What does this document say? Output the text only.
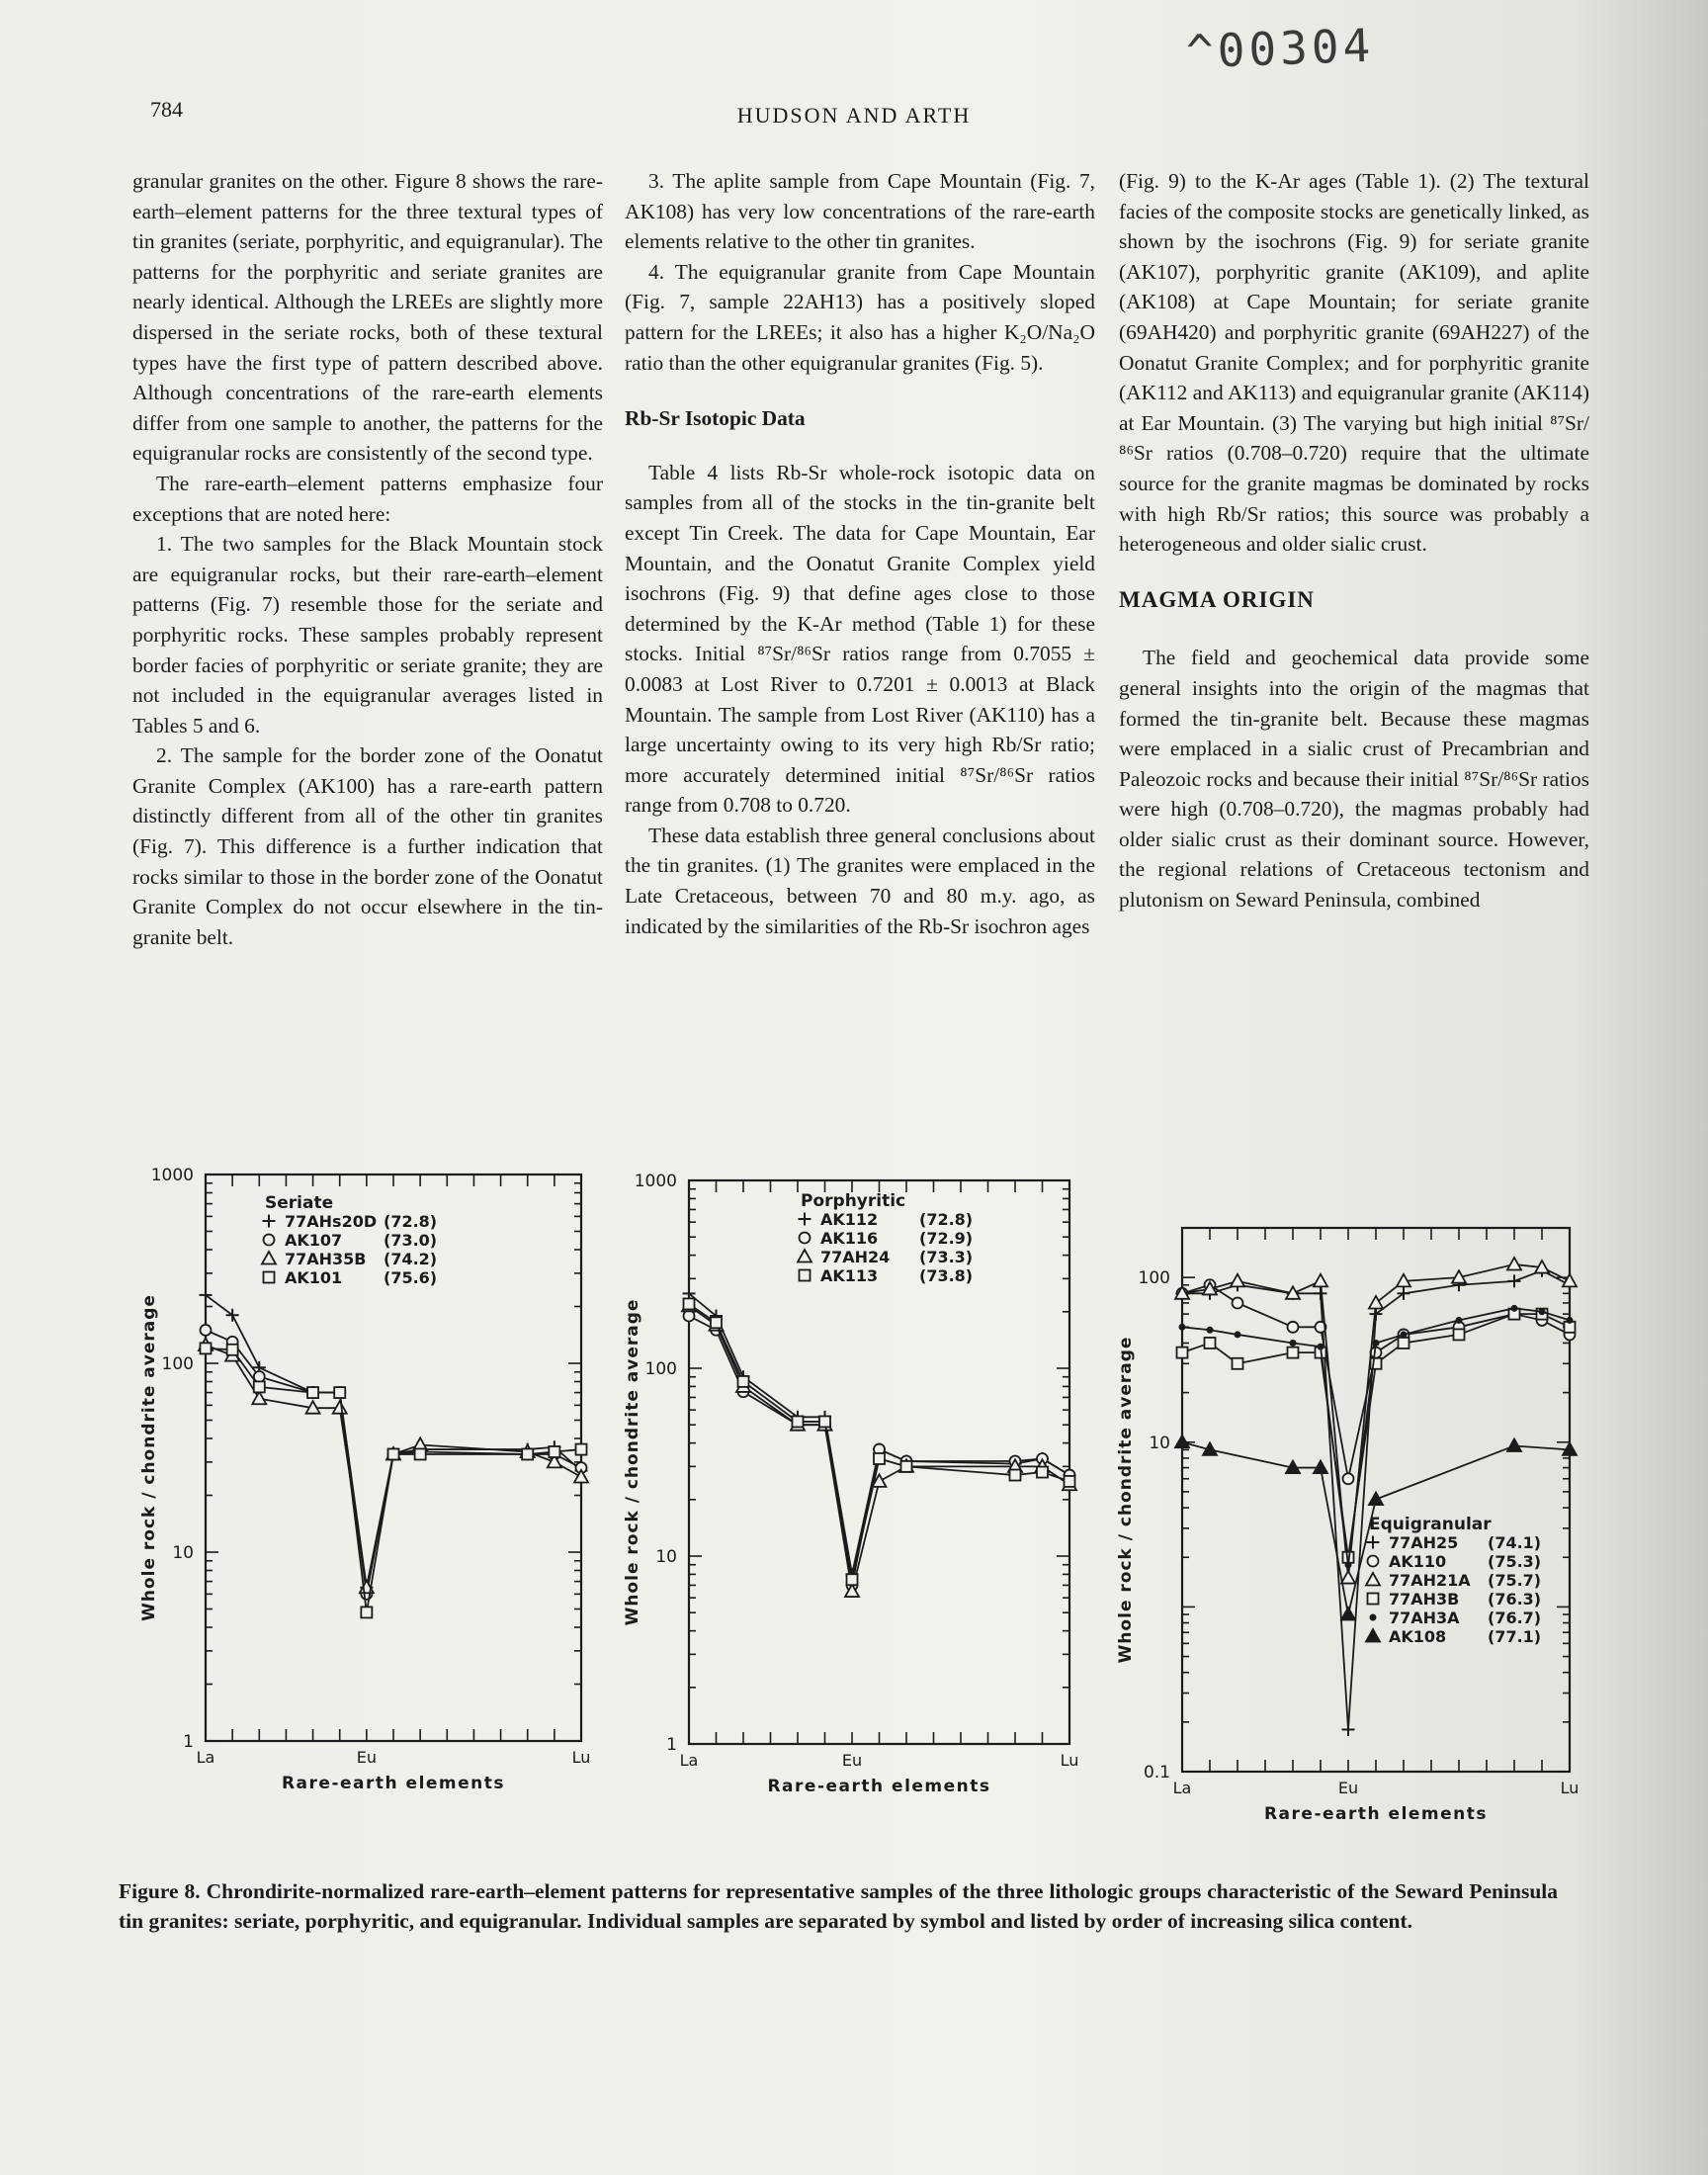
^00304
784	HUDSON AND ARTH

granular granites on the other. Figure 8 shows the rare-earth–element patterns for the three textural types of tin granites (seriate, porphyritic, and equigranular). The patterns for the porphyritic and seriate granites are nearly identical. Although the LREEs are slightly more dispersed in the seriate rocks, both of these textural types have the first type of pattern described above. Although concentrations of the rare-earth elements differ from one sample to another, the patterns for the equigranular rocks are consistently of the second type.

The rare-earth–element patterns emphasize four exceptions that are noted here:

1. The two samples for the Black Mountain stock are equigranular rocks, but their rare-earth–element patterns (Fig. 7) resemble those for the seriate and porphyritic rocks. These samples probably represent border facies of porphyritic or seriate granite; they are not included in the equigranular averages listed in Tables 5 and 6.

2. The sample for the border zone of the Oonatut Granite Complex (AK100) has a rare-earth pattern distinctly different from all of the other tin granites (Fig. 7). This difference is a further indication that rocks similar to those in the border zone of the Oonatut Granite Complex do not occur elsewhere in the tin-granite belt.

3. The aplite sample from Cape Mountain (Fig. 7, AK108) has very low concentrations of the rare-earth elements relative to the other tin granites.

4. The equigranular granite from Cape Mountain (Fig. 7, sample 22AH13) has a positively sloped pattern for the LREEs; it also has a higher K₂O/Na₂O ratio than the other equigranular granites (Fig. 5).

Rb-Sr Isotopic Data

Table 4 lists Rb-Sr whole-rock isotopic data on samples from all of the stocks in the tin-granite belt except Tin Creek. The data for Cape Mountain, Ear Mountain, and the Oonatut Granite Complex yield isochrons (Fig. 9) that define ages close to those determined by the K-Ar method (Table 1) for these stocks. Initial ⁸⁷Sr/⁸⁶Sr ratios range from 0.7055 ± 0.0083 at Lost River to 0.7201 ± 0.0013 at Black Mountain. The sample from Lost River (AK110) has a large uncertainty owing to its very high Rb/Sr ratio; more accurately determined initial ⁸⁷Sr/⁸⁶Sr ratios range from 0.708 to 0.720.

These data establish three general conclusions about the tin granites. (1) The granites were emplaced in the Late Cretaceous, between 70 and 80 m.y. ago, as indicated by the similarities of the Rb-Sr isochron ages

(Fig. 9) to the K-Ar ages (Table 1). (2) The textural facies of the composite stocks are genetically linked, as shown by the isochrons (Fig. 9) for seriate granite (AK107), porphyritic granite (AK109), and aplite (AK108) at Cape Mountain; for seriate granite (69AH420) and porphyritic granite (69AH227) of the Oonatut Granite Complex; and for porphyritic granite (AK112 and AK113) and equigranular granite (AK114) at Ear Mountain. (3) The varying but high initial ⁸⁷Sr/⁸⁶Sr ratios (0.708–0.720) require that the ultimate source for the granite magmas be dominated by rocks with high Rb/Sr ratios; this source was probably a heterogeneous and older sialic crust.

MAGMA ORIGIN

The field and geochemical data provide some general insights into the origin of the magmas that formed the tin-granite belt. Because these magmas were emplaced in a sialic crust of Precambrian and Paleozoic rocks and because their initial ⁸⁷Sr/⁸⁶Sr ratios were high (0.708–0.720), the magmas probably had older sialic crust as their dominant source. However, the regional relations of Cretaceous tectonism and plutonism on Seward Peninsula, combined

1
10
100
1000
La	Eu	Lu
Rare-earth elements
Whole rock / chondrite average
Seriate
77AHs20D (72.8)
AK107	(73.0)
77AH35B (74.2)
AK101	(75.6)
1
10
100
1000
La	Eu	Lu
Rare-earth elements
Whole rock / chondrite average
Porphyritic
AK112	(72.8)
AK116	(72.9)
77AH24 (73.3)
AK113	(73.8)
0.1
10
100
La	Eu	Lu
Rare-earth elements
Whole rock / chondrite average	Equigranular
77AH25 (74.1)
AK110	(75.3)
77AH21A (75.7)
77AH3B (76.3)
77AH3A (76.7)
AK108	(77.1)
Figure 8. Chrondirite-normalized rare-earth–element patterns for representative samples of the three lithologic groups characteristic of the Seward Peninsula tin granites: seriate, porphyritic, and equigranular. Individual samples are separated by symbol and listed by order of increasing silica content.
